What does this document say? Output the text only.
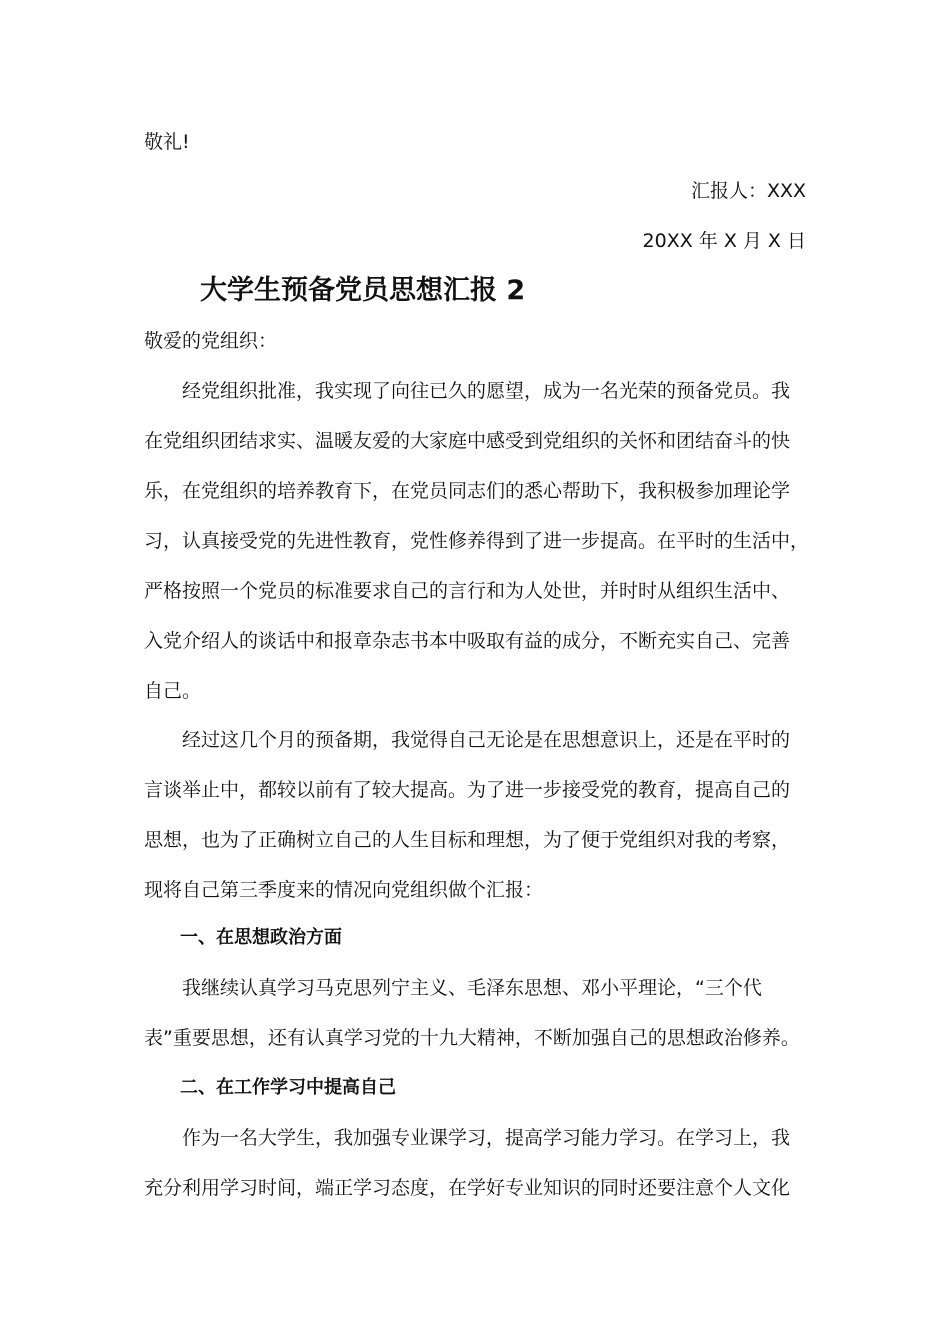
敬礼!
汇报人：XXX
20XX 年 X 月 X 日
大学生预备党员思想汇报 2
敬爱的党组织：
　　经党组织批准，我实现了向往已久的愿望，成为一名光荣的预备党员。我
在党组织团结求实、温暖友爱的大家庭中感受到党组织的关怀和团结奋斗的快
乐，在党组织的培养教育下，在党员同志们的悉心帮助下，我积极参加理论学
习，认真接受党的先进性教育，党性修养得到了进一步提高。在平时的生活中，
严格按照一个党员的标准要求自己的言行和为人处世，并时时从组织生活中、
入党介绍人的谈话中和报章杂志书本中吸取有益的成分，不断充实自己、完善
自己。
　　经过这几个月的预备期，我觉得自己无论是在思想意识上，还是在平时的
言谈举止中，都较以前有了较大提高。为了进一步接受党的教育，提高自己的
思想，也为了正确树立自己的人生目标和理想，为了便于党组织对我的考察，
现将自己第三季度来的情况向党组织做个汇报：
　　一、在思想政治方面
　　我继续认真学习马克思列宁主义、毛泽东思想、邓小平理论，“三个代
表”重要思想，还有认真学习党的十九大精神，不断加强自己的思想政治修养。
　　二、在工作学习中提高自己
　　作为一名大学生，我加强专业课学习，提高学习能力学习。在学习上，我
充分利用学习时间，端正学习态度，在学好专业知识的同时还要注意个人文化
